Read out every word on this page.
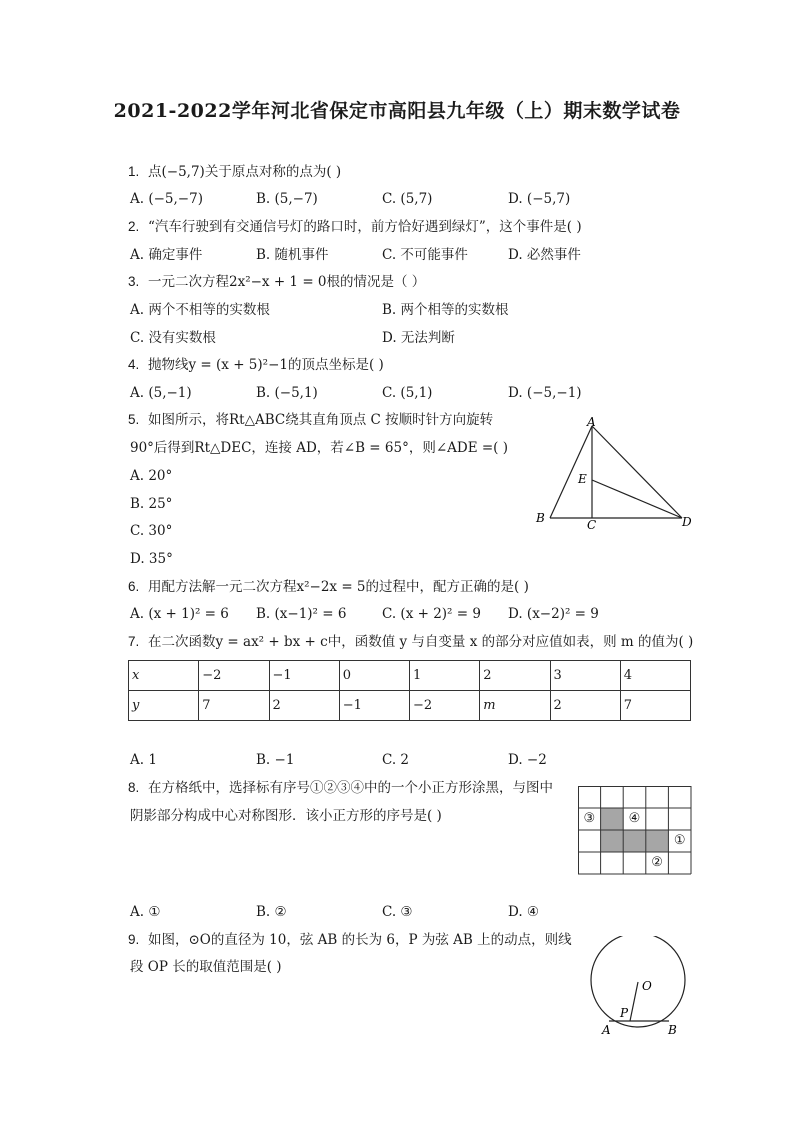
2021-2022学年河北省保定市高阳县九年级（上）期末数学试卷
1. 点(−5,7)关于原点对称的点为( )
A. (−5,−7)	B. (5,−7)	C. (5,7)	D. (−5,7)
2. “汽车行驶到有交通信号灯的路口时，前方恰好遇到绿灯”，这个事件是( )
A. 确定事件	B. 随机事件	C. 不可能事件	D. 必然事件
3. 一元二次方程2x²−x + 1 = 0根的情况是（ ）
A. 两个不相等的实数根	B. 两个相等的实数根
C. 没有实数根	D. 无法判断
4. 抛物线y = (x + 5)²−1的顶点坐标是( )
A. (5,−1)	B. (−5,1)	C. (5,1)	D. (−5,−1)
5. 如图所示，将Rt△ABC绕其直角顶点 C 按顺时针方向旋转
90°后得到Rt△DEC，连接 AD，若∠B = 65°，则∠ADE =( )
A. 20°
B. 25°
C. 30°
D. 35°
A
E
B	C	D
6. 用配方法解一元二次方程x²−2x = 5的过程中，配方正确的是( )
A. (x + 1)² = 6 B. (x−1)² = 6	C. (x + 2)² = 9 D. (x−2)² = 9
7. 在二次函数y = ax² + bx + c中，函数值 y 与自变量 x 的部分对应值如表，则 m 的值为( )
x	−2	−1	0	1	2	3	4
y	7	2	−1	−2	m	2	7
A. 1	B. −1	C. 2	D. −2
8. 在方格纸中，选择标有序号①②③④中的一个小正方形涂黑，与图中
阴影部分构成中心对称图形．该小正方形的序号是( )	③	④
①
②
A. ①	B. ②	C. ③	D. ④
9. 如图，⊙O的直径为 10，弦 AB 的长为 6，P 为弦 AB 上的动点，则线
段 OP 长的取值范围是( )
O
P
A	B
